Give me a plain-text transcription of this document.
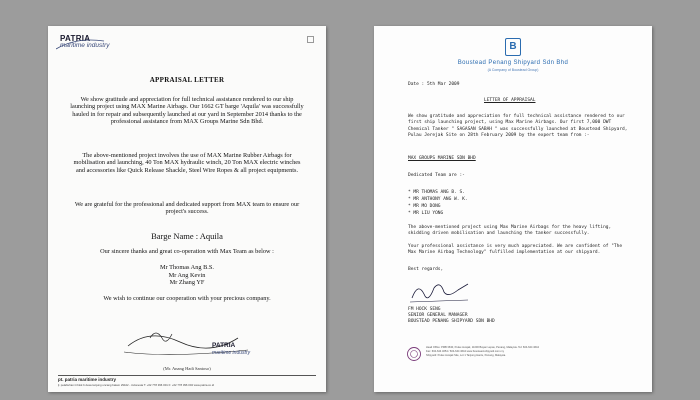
PATRIA
maritime industry
APPRAISAL LETTER

We show gratitude and appreciation for full technical assistance rendered to our ship launching project using MAX Marine Airbags. Our 1662 GT barge 'Aquila' was successfully hauled in for repair and subsequently launched at our yard in September 2014 thanks to the professional assistance from MAX Groups Marine Sdn Bhd.

The above-mentioned project involves the use of MAX Marine Rubber Airbags for mobilisation and launching, 40 Ton MAX hydraulic winch, 20 Ton MAX electric winches and accessories like Quick Release Shackle, Steel Wire Ropes & all project equipments.

We are grateful for the professional and dedicated support from MAX team to ensure our project's success.

Barge Name : Aquila

Our sincere thanks and great co-operation with Max Team as below :

Mr Thomas Ang B.S.
Mr Ang Kevin
Mr Zhang YF

We wish to continue our cooperation with your precious company.

PATRIA
maritime industry
(Mr. Anang Hadi Santoso)
pt. patria maritime industry
jl. pelabuhan iii blok b desa tanjung uncang batam 29422 - indonesia T: +62 778 396 001 F: +62 778 396 004 www.patria.co.id
B
Boustead Penang Shipyard Sdn Bhd
(A Company of Boustead Group)
Date : 5th Mar 2009
LETTER OF APPRAISAL

We show gratitude and appreciation for full technical assistance rendered to our first ship launching project, using Max Marine Airbags. Our first 7,000 DWT Chemical Tanker " SAGASAN SABAH " was successfully launched at Boustead Shipyard, Pulau Jerejak Site on 28th February 2009 by the expert team from :-

MAX GROUPS MARINE SDN BHD
Dedicated Team are :-
* MR THOMAS ANG B. S.
* MR ANTHONY ANG W. K.
* MR MO DONG
* MR LIU YONG

The above-mentioned project using Max Marine Airbags for the heavy lifting, skidding driven mobilisation and launching the tanker successfully.

Your professional assistance is very much appreciated. We are confident of "The Max Marine Airbag Technology" fulfilled implementation at our shipyard.

Best regards,
FM HOCK SENG
SENIOR GENERAL MANAGER
BOUSTEAD PENANG SHIPYARD SDN BHD
Head Office: PMB 3630, Pulau Jerejak, 11000 Bayan Lepas, Penang, Malaysia. Tel: 604-644 4644
Fax: 604-644 4654 / 604-644 4644 www.boustead-shipyard.com.my
Shipyard: Pulau Jerejak Site, Lot 1 Tanjung Hantu, Penang, Malaysia.
